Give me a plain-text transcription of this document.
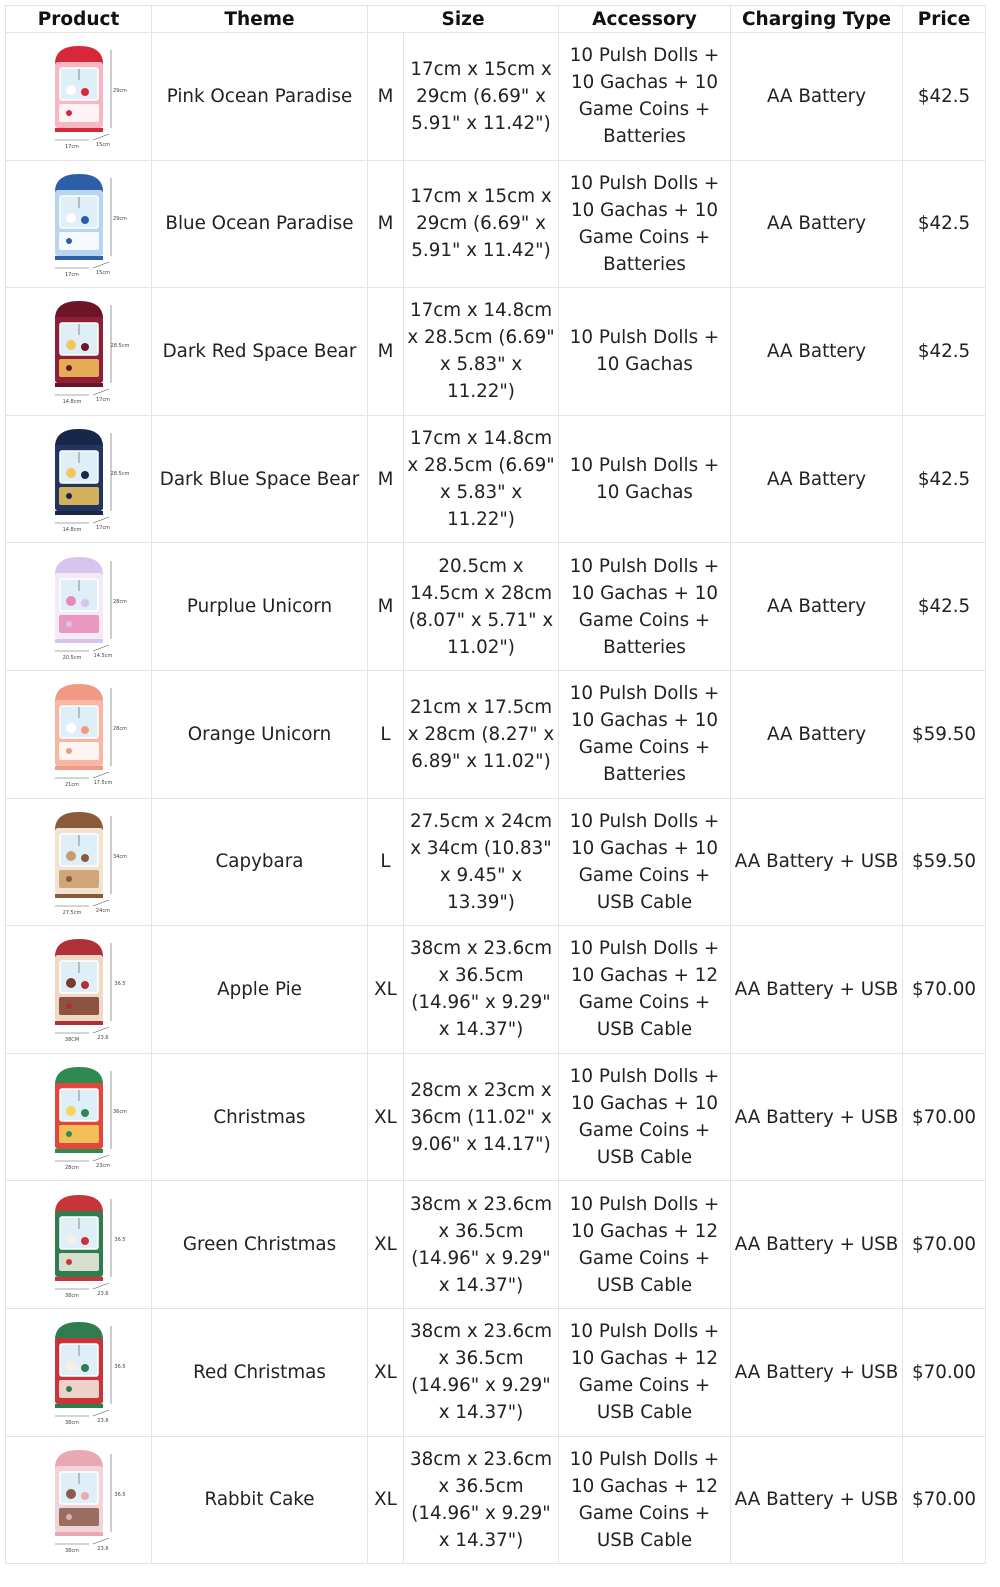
Product	Theme	Size		Accessory	Charging Type	Price

17cm 15cm
29cm	Pink Ocean Paradise	M	17cm x 15cm x 29cm (6.69" x 5.91" x 11.42")	10 Pulsh Dolls + 10 Gachas + 10 Game Coins + Batteries	AA Battery	$42.5

17cm 15cm
29cm	Blue Ocean Paradise	M	17cm x 15cm x 29cm (6.69" x 5.91" x 11.42")	10 Pulsh Dolls + 10 Gachas + 10 Game Coins + Batteries	AA Battery	$42.5

14.8cm 17cm
28.5cm	Dark Red Space Bear	M	17cm x 14.8cm x 28.5cm (6.69" x 5.83" x 11.22")	10 Pulsh Dolls + 10 Gachas	AA Battery	$42.5

14.8cm 17cm
28.5cm	Dark Blue Space Bear	M	17cm x 14.8cm x 28.5cm (6.69" x 5.83" x 11.22")	10 Pulsh Dolls + 10 Gachas	AA Battery	$42.5

20.5cm 14.5cm
28cm	Purplue Unicorn	M	20.5cm x 14.5cm x 28cm (8.07" x 5.71" x 11.02")	10 Pulsh Dolls + 10 Gachas + 10 Game Coins + Batteries	AA Battery	$42.5

21cm 17.5cm
28cm	Orange Unicorn	L	21cm x 17.5cm x 28cm (8.27" x 6.89" x 11.02")	10 Pulsh Dolls + 10 Gachas + 10 Game Coins + Batteries	AA Battery	$59.50

27.5cm 24cm
34cm	Capybara	L	27.5cm x 24cm x 34cm (10.83" x 9.45" x 13.39")	10 Pulsh Dolls + 10 Gachas + 10 Game Coins + USB Cable	AA Battery + USB	$59.50

38CM 23.6
36.5	Apple Pie	XL	38cm x 23.6cm x 36.5cm (14.96" x 9.29" x 14.37")	10 Pulsh Dolls + 10 Gachas + 12 Game Coins + USB Cable	AA Battery + USB	$70.00

28cm 23cm
36cm	Christmas	XL	28cm x 23cm x 36cm (11.02" x 9.06" x 14.17")	10 Pulsh Dolls + 10 Gachas + 10 Game Coins + USB Cable	AA Battery + USB	$70.00

38cm 23.6
36.5	Green Christmas	XL	38cm x 23.6cm x 36.5cm (14.96" x 9.29" x 14.37")	10 Pulsh Dolls + 10 Gachas + 12 Game Coins + USB Cable	AA Battery + USB	$70.00

38cm 23.6
36.5	Red Christmas	XL	38cm x 23.6cm x 36.5cm (14.96" x 9.29" x 14.37")	10 Pulsh Dolls + 10 Gachas + 12 Game Coins + USB Cable	AA Battery + USB	$70.00

38cm 23.6
36.5	Rabbit Cake	XL	38cm x 23.6cm x 36.5cm (14.96" x 9.29" x 14.37")	10 Pulsh Dolls + 10 Gachas + 12 Game Coins + USB Cable	AA Battery + USB	$70.00
